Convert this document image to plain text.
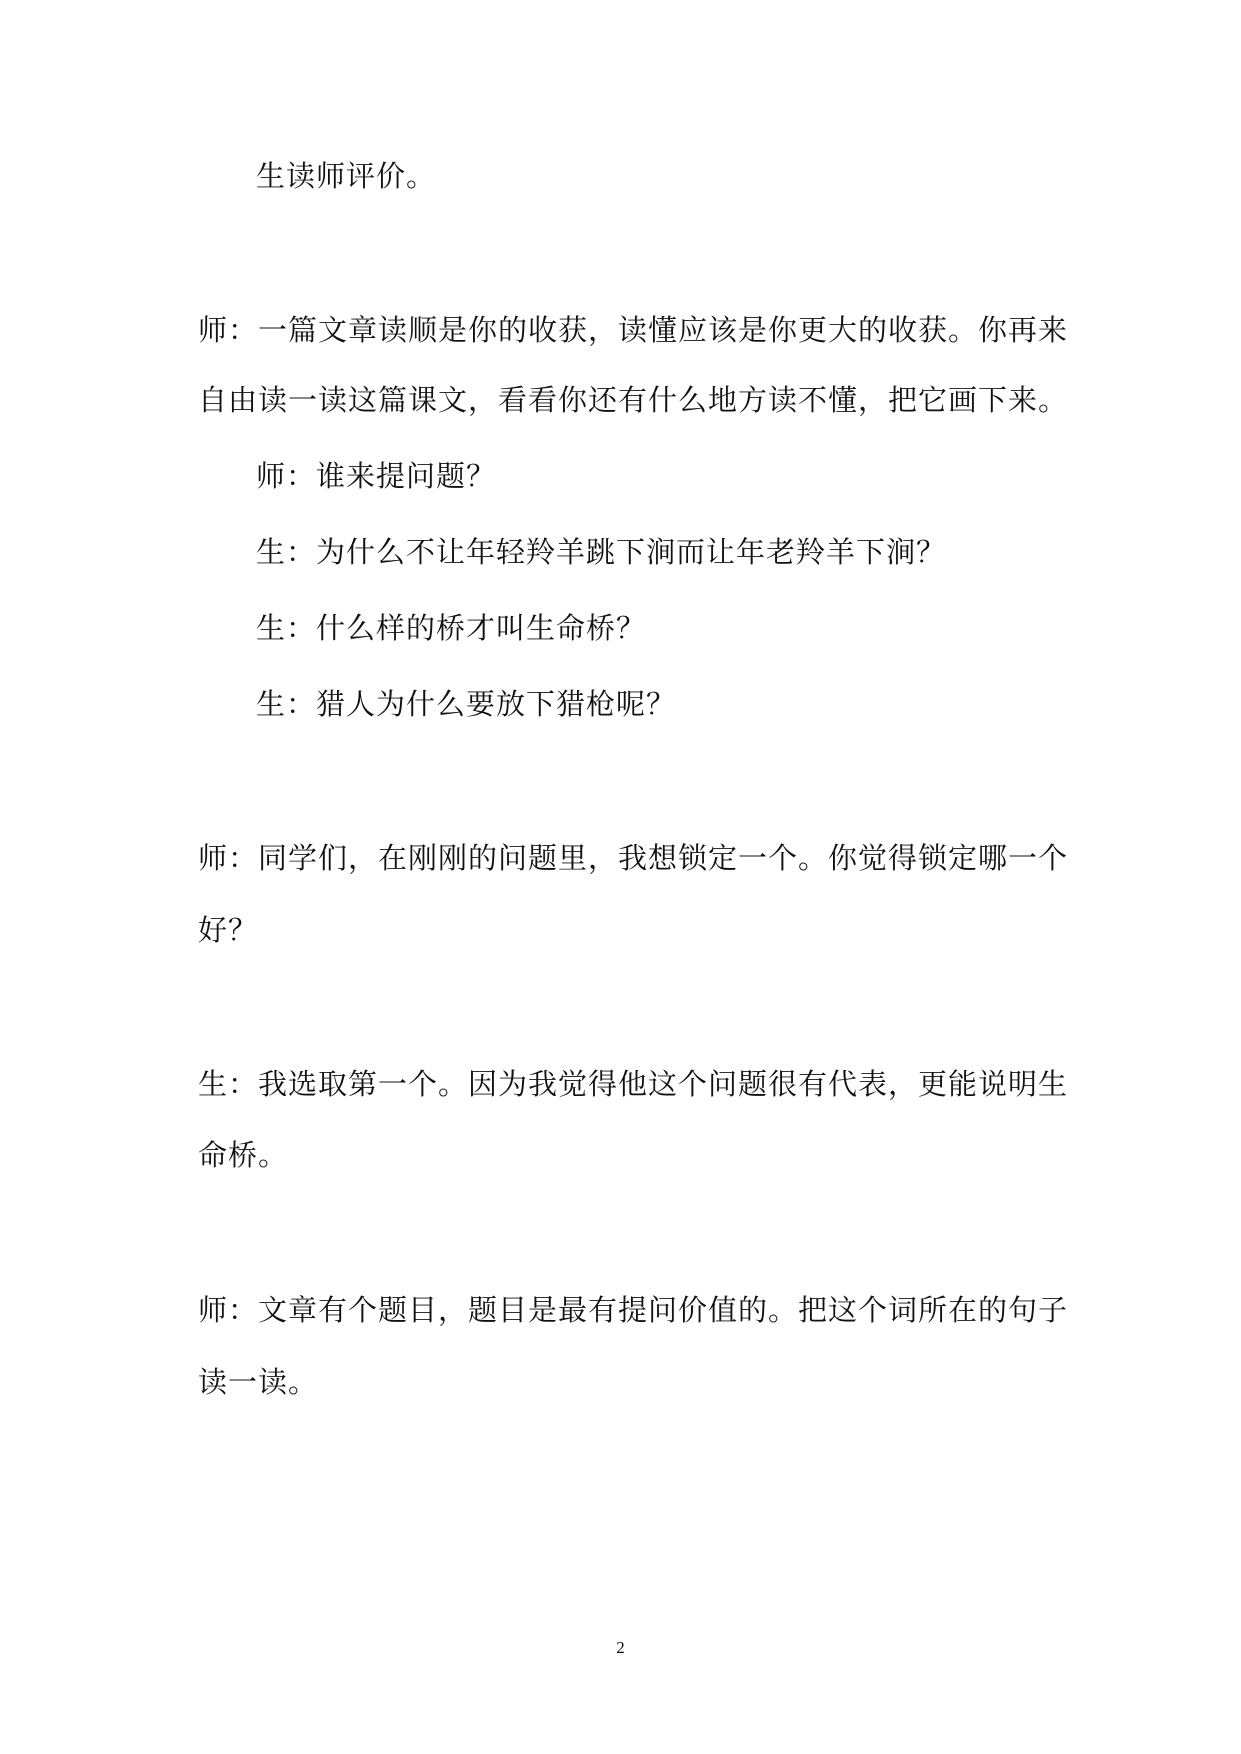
生读师评价。
师：一篇文章读顺是你的收获，读懂应该是你更大的收获。你再来
自由读一读这篇课文，看看你还有什么地方读不懂，把它画下来。
师：谁来提问题？
生：为什么不让年轻羚羊跳下涧而让年老羚羊下涧？
生：什么样的桥才叫生命桥？
生：猎人为什么要放下猎枪呢？
师：同学们，在刚刚的问题里，我想锁定一个。你觉得锁定哪一个
好？
生：我选取第一个。因为我觉得他这个问题很有代表，更能说明生
命桥。
师：文章有个题目，题目是最有提问价值的。把这个词所在的句子
读一读。
2
